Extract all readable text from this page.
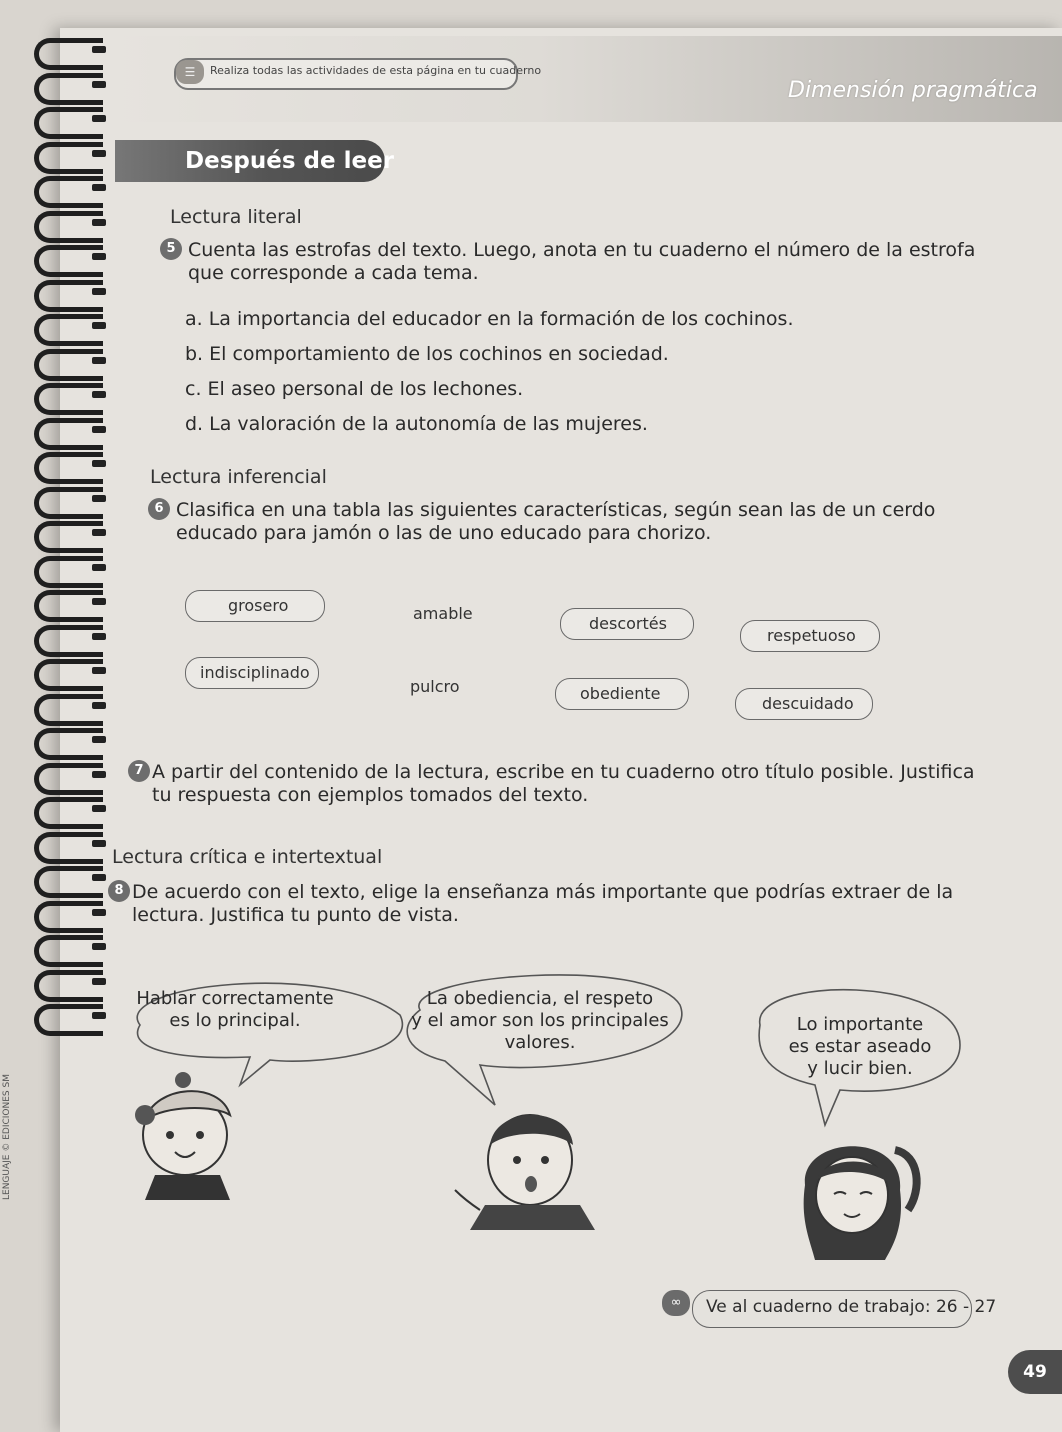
☰	Realiza todas las actividades de esta página en tu cuaderno
Dimensión pragmática
Después de leer
Lectura literal
5 Cuenta las estrofas del texto. Luego, anota en tu cuaderno el número de la estrofa que corresponde a cada tema.
a. La importancia del educador en la formación de los cochinos.
b. El comportamiento de los cochinos en sociedad.
c. El aseo personal de los lechones.
d. La valoración de la autonomía de las mujeres.
Lectura inferencial
6 Clasifica en una tabla las siguientes características, según sean las de un cerdo educado para jamón o las de uno educado para chorizo.
grosero	amable
descortés
respetuoso
indisciplinado
pulcro	obediente
descuidado
7 A partir del contenido de la lectura, escribe en tu cuaderno otro título posible. Justifica tu respuesta con ejemplos tomados del texto.
Lectura crítica e intertextual
8 De acuerdo con el texto, elige la enseñanza más importante que podrías extraer de la lectura. Justifica tu punto de vista.
Hablar correctamente
es lo principal.
La obediencia, el respeto
y el amor son los principales
valores.
Lo importante
es estar aseado
y lucir bien.
∞	Ve al cuaderno de trabajo: 26 - 27
49
LENGUAJE © EDICIONES SM
